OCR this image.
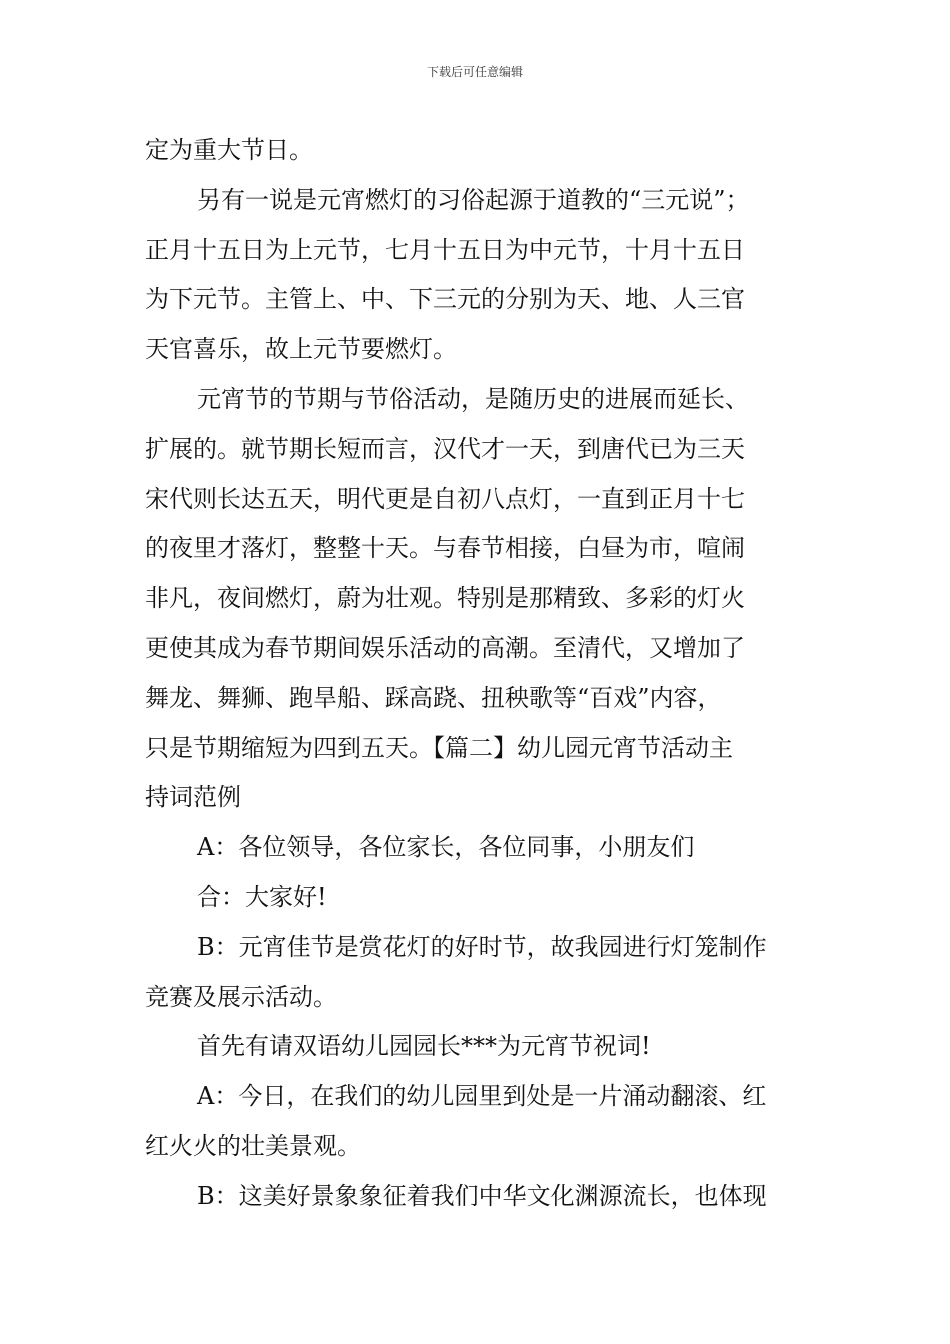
下载后可任意编辑
定为重大节日。
另有一说是元宵燃灯的习俗起源于道教的“三元说”；
正月十五日为上元节，七月十五日为中元节，十月十五日
为下元节。主管上、中、下三元的分别为天、地、人三官
天官喜乐，故上元节要燃灯。
元宵节的节期与节俗活动，是随历史的进展而延长、
扩展的。就节期长短而言，汉代才一天，到唐代已为三天
宋代则长达五天，明代更是自初八点灯，一直到正月十七
的夜里才落灯，整整十天。与春节相接，白昼为市，喧闹
非凡，夜间燃灯，蔚为壮观。特别是那精致、多彩的灯火
更使其成为春节期间娱乐活动的高潮。至清代，又增加了
舞龙、舞狮、跑旱船、踩高跷、扭秧歌等“百戏”内容，
只是节期缩短为四到五天。【篇二】幼儿园元宵节活动主
持词范例
A：各位领导，各位家长，各位同事，小朋友们
合：大家好!
B：元宵佳节是赏花灯的好时节，故我园进行灯笼制作
竞赛及展示活动。
首先有请双语幼儿园园长***为元宵节祝词!
A：今日，在我们的幼儿园里到处是一片涌动翻滚、红
红火火的壮美景观。
B：这美好景象象征着我们中华文化渊源流长，也体现
